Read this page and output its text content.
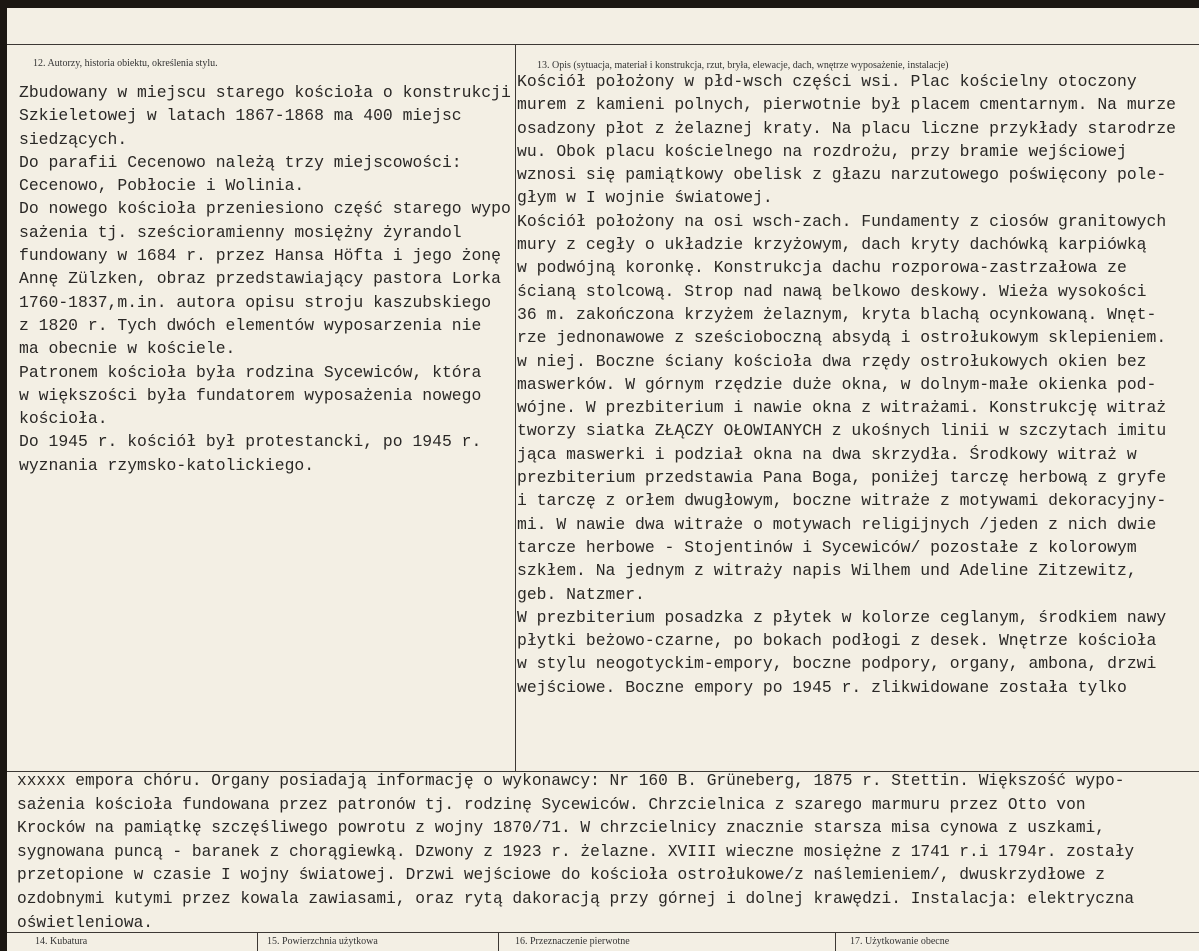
12. Autorzy, historia obiektu, określenia stylu.	13. Opis (sytuacja, materiał i konstrukcja, rzut, bryła, elewacje, dach, wnętrze wyposażenie, instalacje)
Zbudowany w miejscu starego kościoła o konstrukcji
Szkieletowej w latach 1867-1868 ma 400 miejsc
siedzących.
Do parafii Cecenowo należą trzy miejscowości:
Cecenowo, Pobłocie i Wolinia.
Do nowego kościoła przeniesiono część starego wypo
sażenia tj. sześcioramienny mosiężny żyrandol
fundowany w 1684 r. przez Hansa Höfta i jego żonę
Annę Zülzken, obraz przedstawiający pastora Lorka
1760-1837,m.in. autora opisu stroju kaszubskiego
z 1820 r. Tych dwóch elementów wyposarzenia nie
ma obecnie w kościele.
Patronem kościoła była rodzina Sycewiców, która
w większości była fundatorem wyposażenia nowego
kościoła.
Do 1945 r. kościół był protestancki, po 1945 r.
wyznania rzymsko-katolickiego.
Kościół położony w płd-wsch części wsi. Plac kościelny otoczony
murem z kamieni polnych, pierwotnie był placem cmentarnym. Na murze
osadzony płot z żelaznej kraty. Na placu liczne przykłady starodrze
wu. Obok placu kościelnego na rozdrożu, przy bramie wejściowej
wznosi się pamiątkowy obelisk z głazu narzutowego poświęcony pole-
głym w I wojnie światowej.
Kościół położony na osi wsch-zach. Fundamenty z ciosów granitowych
mury z cegły o układzie krzyżowym, dach kryty dachówką karpiówką
w podwójną koronkę. Konstrukcja dachu rozporowa-zastrzałowa ze
ścianą stolcową. Strop nad nawą belkowo deskowy. Wieża wysokości
36 m. zakończona krzyżem żelaznym, kryta blachą ocynkowaną. Wnęt-
rze jednonawowe z sześcioboczną absydą i ostrołukowym sklepieniem.
w niej. Boczne ściany kościoła dwa rzędy ostrołukowych okien bez
maswerków. W górnym rzędzie duże okna, w dolnym-małe okienka pod-
wójne. W prezbiterium i nawie okna z witrażami. Konstrukcję witraż
tworzy siatka ZŁĄCZY OŁOWIANYCH z ukośnych linii w szczytach imitu
jąca maswerki i podział okna na dwa skrzydła. Środkowy witraż w
prezbiterium przedstawia Pana Boga, poniżej tarczę herbową z gryfe
i tarczę z orłem dwugłowym, boczne witraże z motywami dekoracyjny-
mi. W nawie dwa witraże o motywach religijnych /jeden z nich dwie
tarcze herbowe - Stojentinów i Sycewiców/ pozostałe z kolorowym
szkłem. Na jednym z witraży napis Wilhem und Adeline Zitzewitz,
geb. Natzmer.
W prezbiterium posadzka z płytek w kolorze ceglanym, środkiem nawy
płytki beżowo-czarne, po bokach podłogi z desek. Wnętrze kościoła
w stylu neogotyckim-empory, boczne podpory, organy, ambona, drzwi
wejściowe. Boczne empory po 1945 r. zlikwidowane została tylko
xxxxx empora chóru. Organy posiadają informację o wykonawcy: Nr 160 B. Grüneberg, 1875 r. Stettin. Większość wypo-
sażenia kościoła fundowana przez patronów tj. rodzinę Sycewiców. Chrzcielnica z szarego marmuru przez Otto von
Krocków na pamiątkę szczęśliwego powrotu z wojny 1870/71. W chrzcielnicy znacznie starsza misa cynowa z uszkami,
sygnowana puncą - baranek z chorągiewką. Dzwony z 1923 r. żelazne. XVIII wieczne mosiężne z 1741 r.i 1794r. zostały
przetopione w czasie I wojny światowej. Drzwi wejściowe do kościoła ostrołukowe/z naślemieniem/, dwuskrzydłowe z
ozdobnymi kutymi przez kowala zawiasami, oraz rytą dakoracją przy górnej i dolnej krawędzi. Instalacja: elektryczna
oświetleniowa.
14. Kubatura	15. Powierzchnia użytkowa	16. Przeznaczenie pierwotne	17. Użytkowanie obecne
